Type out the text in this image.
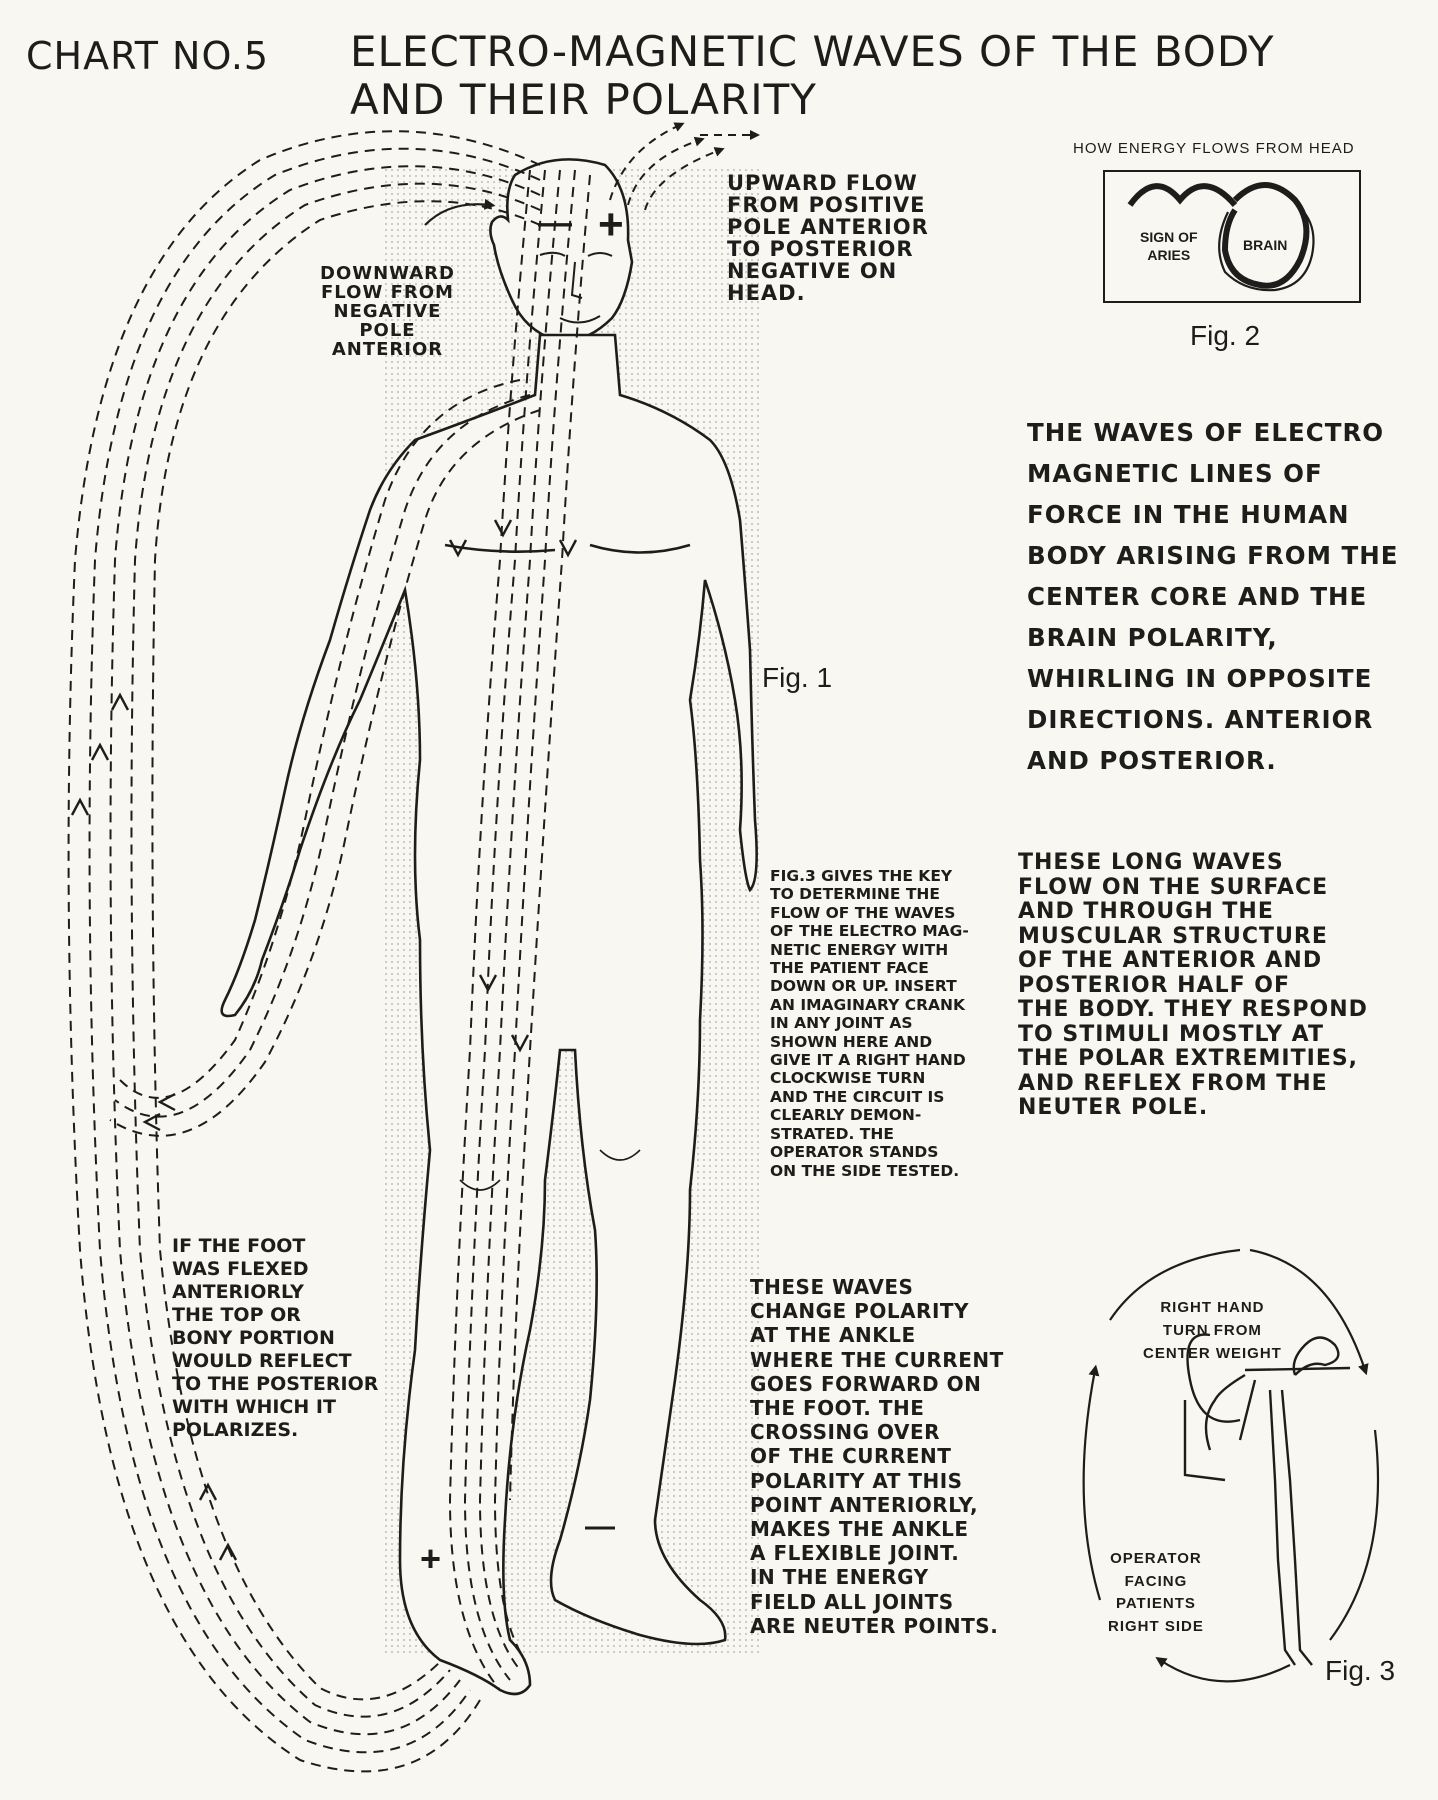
CHART NO.5 ELECTRO-MAGNETIC WAVES OF THE BODY
AND THEIR POLARITY
UPWARD FLOW
FROM POSITIVE
POLE ANTERIOR
TO POSTERIOR
NEGATIVE ON
HEAD.
DOWNWARD
FLOW FROM
NEGATIVE
POLE
ANTERIOR
+
—
HOW ENERGY FLOWS FROM HEAD
SIGN OF
ARIES
BRAIN
Fig. 2
THE WAVES OF ELECTRO
MAGNETIC LINES OF
FORCE IN THE HUMAN
BODY ARISING FROM THE
CENTER CORE AND THE
BRAIN POLARITY,
WHIRLING IN OPPOSITE
DIRECTIONS. ANTERIOR
AND POSTERIOR.
Fig. 1
THESE LONG WAVES
FLOW ON THE SURFACE
AND THROUGH THE
MUSCULAR STRUCTURE
OF THE ANTERIOR AND
POSTERIOR HALF OF
THE BODY. THEY RESPOND
TO STIMULI MOSTLY AT
THE POLAR EXTREMITIES,
AND REFLEX FROM THE
NEUTER POLE.
FIG.3 GIVES THE KEY
TO DETERMINE THE
FLOW OF THE WAVES
OF THE ELECTRO MAG-
NETIC ENERGY WITH
THE PATIENT FACE
DOWN OR UP. INSERT
AN IMAGINARY CRANK
IN ANY JOINT AS
SHOWN HERE AND
GIVE IT A RIGHT HAND
CLOCKWISE TURN
AND THE CIRCUIT IS
CLEARLY DEMON-
STRATED. THE
OPERATOR STANDS
ON THE SIDE TESTED.
IF THE FOOT
WAS FLEXED
ANTERIORLY
THE TOP OR
BONY PORTION
WOULD REFLECT
TO THE POSTERIOR
WITH WHICH IT
POLARIZES.
THESE WAVES
CHANGE POLARITY
AT THE ANKLE
WHERE THE CURRENT
GOES FORWARD ON
THE FOOT. THE
CROSSING OVER
OF THE CURRENT
POLARITY AT THIS
POINT ANTERIORLY,
MAKES THE ANKLE
A FLEXIBLE JOINT.
IN THE ENERGY
FIELD ALL JOINTS
ARE NEUTER POINTS.
RIGHT HAND
TURN FROM
CENTER WEIGHT
OPERATOR
FACING
PATIENTS
RIGHT SIDE
Fig. 3
+
—
